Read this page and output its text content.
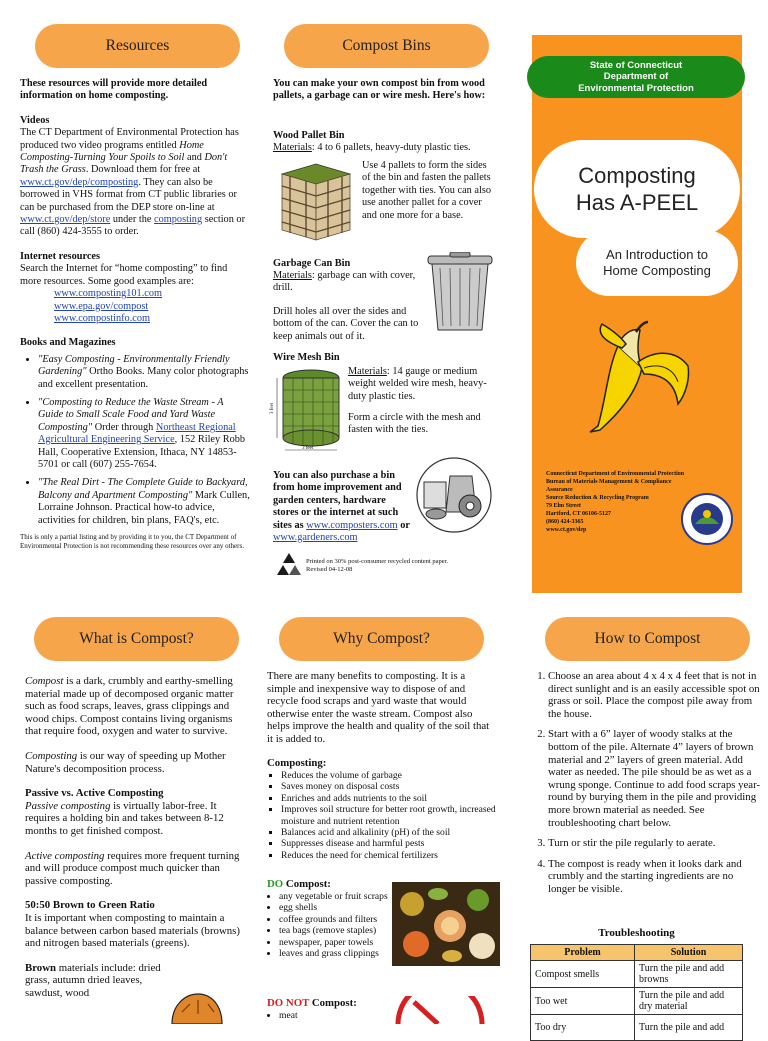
Resources
These resources will provide more detailed information on home composting.
Videos
The CT Department of Environmental Protection has produced two video programs entitled Home Composting-Turning Your Spoils to Soil and Don't Trash the Grass. Download them for free at www.ct.gov/dep/composting. They can also be borrowed in VHS format from CT public libraries or can be purchased from the DEP store on-line at www.ct.gov/dep/store under the composting section or call (860) 424-3555 to order.
Internet resources
Search the Internet for “home composting” to find more resources. Some good examples are:
www.composting101.com
www.epa.gov/compost
www.compostinfo.com
Books and Magazines
• "Easy Composting - Environmentally Friendly Gardening" Ortho Books. Many color photographs and excellent presentation.
• "Composting to Reduce the Waste Stream - A Guide to Small Scale Food and Yard Waste Composting" Order through Northeast Regional Agricultural Engineering Service, 152 Riley Robb Hall, Cooperative Extension, Ithaca, NY 14853-5701 or call (607) 255-7654.
• "The Real Dirt - The Complete Guide to Backyard, Balcony and Apartment Composting" Mark Cullen, Lorraine Johnson. Practical how-to advice, activities for children, bin plans, FAQ's, etc.
This is only a partial listing and by providing it to you, the CT Department of Environmental Protection is not recommending these resources over any others.
Compost Bins
You can make your own compost bin from wood pallets, a garbage can or wire mesh. Here's how:
Wood Pallet Bin
Materials: 4 to 6 pallets, heavy-duty plastic ties.
Use 4 pallets to form the sides of the bin and fasten the pallets together with ties. You can also use another pallet for a cover and one more for a base.
Garbage Can Bin
Materials: garbage can with cover, drill.
Drill holes all over the sides and bottom of the can. Cover the can to keep animals out of it.
Wire Mesh Bin
3 feet
3 feet
Materials: 14 gauge or medium weight welded wire mesh, heavy-duty plastic ties.
Form a circle with the mesh and fasten with the ties.
You can also purchase a bin from home improvement and garden centers, hardware stores or the internet at such sites as www.composters.com or www.gardeners.com
Printed on 30% post-consumer recycled content paper.
Revised 04-12-08
State of Connecticut
Department of
Environmental Protection
Composting
Has A-PEEL
An Introduction to
Home Composting
Connecticut Department of Environmental Protection
Bureau of Materials Management & Compliance Assurance
Source Reduction & Recycling Program
79 Elm Street
Hartford, CT 06106-5127
(860) 424-3365
www.ct.gov/dep
What is Compost?
Compost is a dark, crumbly and earthy-smelling material made up of decomposed organic matter such as food scraps, leaves, grass clippings and wood chips. Compost contains living organisms that require food, oxygen and water to survive.
Composting is our way of speeding up Mother Nature's decomposition process.
Passive vs. Active Composting
Passive composting is virtually labor-free. It requires a holding bin and takes between 8-12 months to get finished compost.
Active composting requires more frequent turning and will produce compost much quicker than passive composting.
50:50 Brown to Green Ratio
It is important when composting to maintain a balance between carbon based materials (browns) and nitrogen based materials (greens).
Brown materials include: dried grass, autumn dried leaves, sawdust, wood
Why Compost?
There are many benefits to composting. It is a simple and inexpensive way to dispose of and recycle food scraps and yard waste that would otherwise enter the waste stream. Compost also helps improve the health and quality of the soil that it is added to.
Composting:
▪ Reduces the volume of garbage
▪ Saves money on disposal costs
▪ Enriches and adds nutrients to the soil
▪ Improves soil structure for better root growth, increased moisture and nutrient retention
▪ Balances acid and alkalinity (pH) of the soil
▪ Suppresses disease and harmful pests
▪ Reduces the need for chemical fertilizers
DO Compost:
• any vegetable or fruit scraps
• egg shells
• coffee grounds and filters
• tea bags (remove staples)
• newspaper, paper towels
• leaves and grass clippings
DO NOT Compost:
• meat
How to Compost
1. Choose an area about 4 x 4 x 4 feet that is not in direct sunlight and is an easily accessible spot on grass or soil. Place the compost pile away from the house.
2. Start with a 6” layer of woody stalks at the bottom of the pile. Alternate 4” layers of brown material and 2” layers of green material. Add water as needed. The pile should be as wet as a wrung sponge. Continue to add food scraps year-round by burying them in the pile and providing more brown material as needed. See troubleshooting chart below.
3. Turn or stir the pile regularly to aerate.
4. The compost is ready when it looks dark and crumbly and the starting ingredients are no longer be visible.
Troubleshooting
Problem	Solution
Compost smells	Turn the pile and add browns
Too wet	Turn the pile and add dry material
Too dry	Turn the pile and add
